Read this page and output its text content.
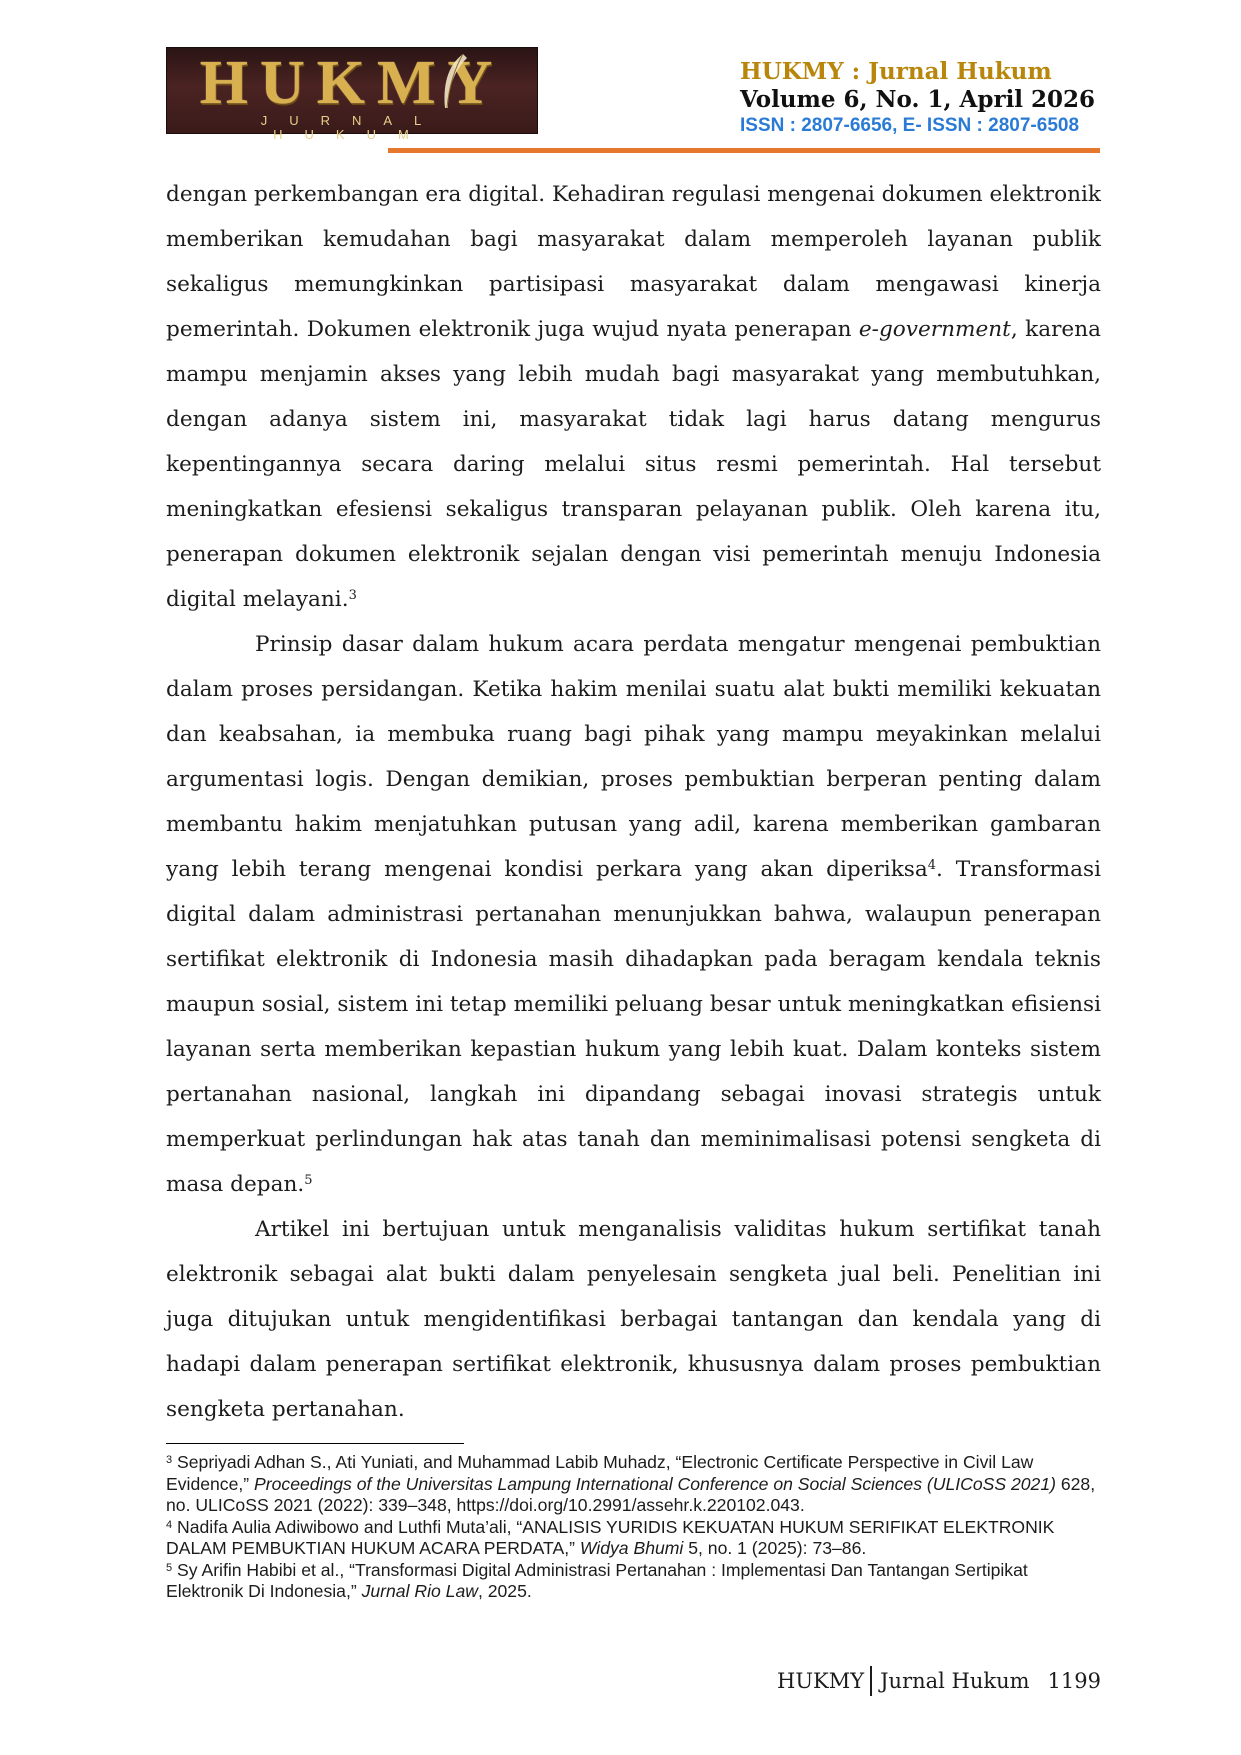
HUKMY
JURNAL HUKUM
HUKMY : Jurnal Hukum
Volume 6, No. 1, April 2026
ISSN : 2807-6656, E- ISSN : 2807-6508

dengan perkembangan era digital. Kehadiran regulasi mengenai dokumen elektronik memberikan kemudahan bagi masyarakat dalam memperoleh layanan publik sekaligus memungkinkan partisipasi masyarakat dalam mengawasi kinerja pemerintah. Dokumen elektronik juga wujud nyata penerapan e-government, karena mampu menjamin akses yang lebih mudah bagi masyarakat yang membutuhkan, dengan adanya sistem ini, masyarakat tidak lagi harus datang mengurus kepentingannya secara daring melalui situs resmi pemerintah. Hal tersebut meningkatkan efesiensi sekaligus transparan pelayanan publik. Oleh karena itu, penerapan dokumen elektronik sejalan dengan visi pemerintah menuju Indonesia digital melayani.$^3$

Prinsip dasar dalam hukum acara perdata mengatur mengenai pembuktian dalam proses persidangan. Ketika hakim menilai suatu alat bukti memiliki kekuatan dan keabsahan, ia membuka ruang bagi pihak yang mampu meyakinkan melalui argumentasi logis. Dengan demikian, proses pembuktian berperan penting dalam membantu hakim menjatuhkan putusan yang adil, karena memberikan gambaran yang lebih terang mengenai kondisi perkara yang akan diperiksa$^4$. Transformasi digital dalam administrasi pertanahan menunjukkan bahwa, walaupun penerapan sertifikat elektronik di Indonesia masih dihadapkan pada beragam kendala teknis maupun sosial, sistem ini tetap memiliki peluang besar untuk meningkatkan efisiensi layanan serta memberikan kepastian hukum yang lebih kuat. Dalam konteks sistem pertanahan nasional, langkah ini dipandang sebagai inovasi strategis untuk memperkuat perlindungan hak atas tanah dan meminimalisasi potensi sengketa di masa depan.$^5$

Artikel ini bertujuan untuk menganalisis validitas hukum sertifikat tanah elektronik sebagai alat bukti dalam penyelesain sengketa jual beli. Penelitian ini juga ditujukan untuk mengidentifikasi berbagai tantangan dan kendala yang di hadapi dalam penerapan sertifikat elektronik, khususnya dalam proses pembuktian sengketa pertanahan.

$^3$ Sepriyadi Adhan S., Ati Yuniati, and Muhammad Labib Muhadz, “Electronic Certificate Perspective in Civil Law Evidence,” Proceedings of the Universitas Lampung International Conference on Social Sciences (ULICoSS 2021) 628, no. ULICoSS 2021 (2022): 339–348, https://doi.org/10.2991/assehr.k.220102.043.

$^4$ Nadifa Aulia Adiwibowo and Luthfi Muta’ali, “ANALISIS YURIDIS KEKUATAN HUKUM SERIFIKAT ELEKTRONIK DALAM PEMBUKTIAN HUKUM ACARA PERDATA,” Widya Bhumi 5, no. 1 (2025): 73–86.

$^5$ Sy Arifin Habibi et al., “Transformasi Digital Administrasi Pertanahan : Implementasi Dan Tantangan Sertipikat Elektronik Di Indonesia,” Jurnal Rio Law, 2025.

HUKMY Jurnal Hukum 1199
